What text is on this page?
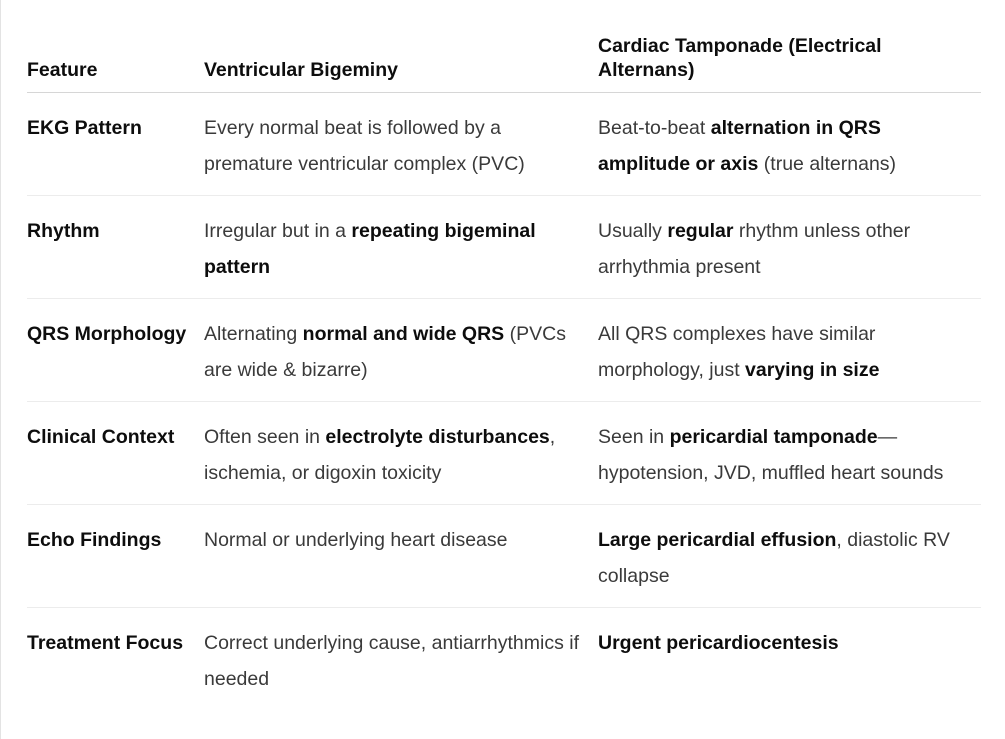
Feature	Ventricular Bigeminy	Cardiac Tamponade (Electrical Alternans)
EKG Pattern	Every normal beat is followed by a premature ventricular complex (PVC)	Beat-to-beat alternation in QRS amplitude or axis (true alternans)
Rhythm	Irregular but in a repeating bigeminal pattern	Usually regular rhythm unless other arrhythmia present
QRS Morphology	Alternating normal and wide QRS (PVCs are wide & bizarre)	All QRS complexes have similar morphology, just varying in size
Clinical Context	Often seen in electrolyte disturbances, ischemia, or digoxin toxicity	Seen in pericardial tamponade—hypotension, JVD, muffled heart sounds
Echo Findings	Normal or underlying heart disease	Large pericardial effusion, diastolic RV collapse
Treatment Focus	Correct underlying cause, antiarrhythmics if needed	Urgent pericardiocentesis
